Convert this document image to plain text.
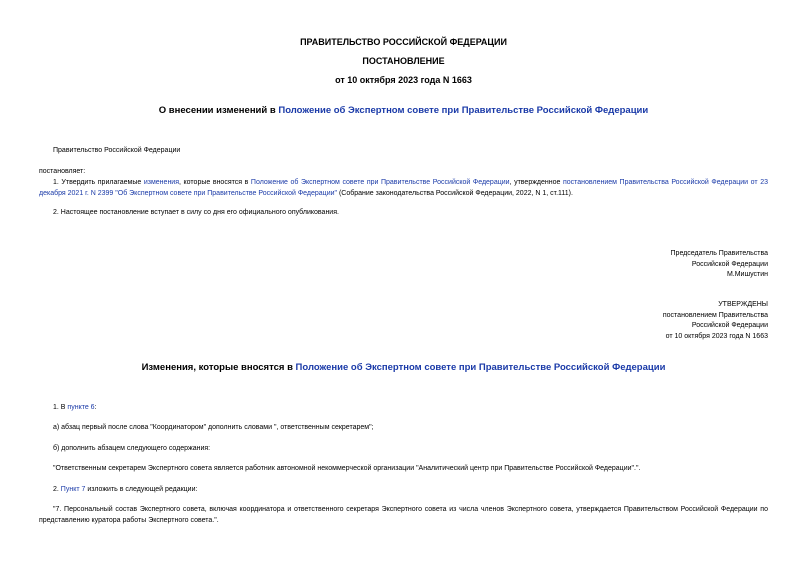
ПРАВИТЕЛЬСТВО РОССИЙСКОЙ ФЕДЕРАЦИИ
ПОСТАНОВЛЕНИЕ
от 10 октября 2023 года N 1663
О внесении изменений в Положение об Экспертном совете при Правительстве Российской Федерации
Правительство Российской Федерации
постановляет:
1. Утвердить прилагаемые изменения, которые вносятся в Положение об Экспертном совете при Правительстве Российской Федерации, утвержденное постановлением Правительства Российской Федерации от 23 декабря 2021 г. N 2399 "Об Экспертном совете при Правительстве Российской Федерации" (Собрание законодательства Российской Федерации, 2022, N 1, ст.111).
2. Настоящее постановление вступает в силу со дня его официального опубликования.
Председатель Правительства
Российской Федерации
М.Мишустин
УТВЕРЖДЕНЫ
постановлением Правительства
Российской Федерации
от 10 октября 2023 года N 1663
Изменения, которые вносятся в Положение об Экспертном совете при Правительстве Российской Федерации
1. В пункте 6:
а) абзац первый после слова "Координатором" дополнить словами ", ответственным секретарем";
б) дополнить абзацем следующего содержания:
"Ответственным секретарем Экспертного совета является работник автономной некоммерческой организации "Аналитический центр при Правительстве Российской Федерации".".
2. Пункт 7 изложить в следующей редакции:
"7. Персональный состав Экспертного совета, включая координатора и ответственного секретаря Экспертного совета из числа членов Экспертного совета, утверждается Правительством Российской Федерации по представлению куратора работы Экспертного совета.".
